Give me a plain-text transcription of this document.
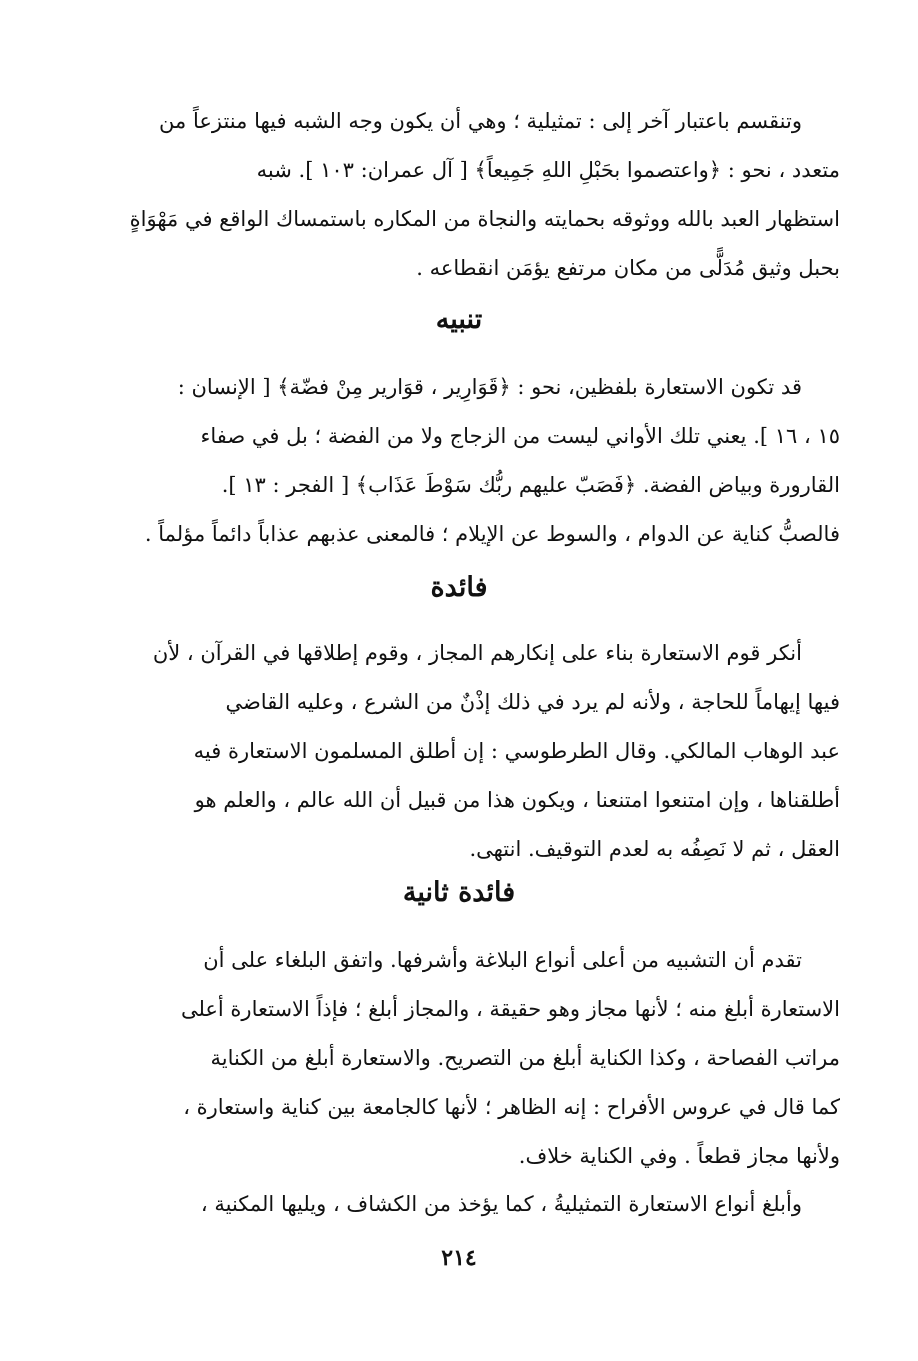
وتنقسم باعتبار آخر إلى : تمثيلية ؛ وهي أن يكون وجه الشبه فيها منتزعاً من

متعدد ، نحو : ﴿واعتصموا بحَبْلِ اللهِ جَمِيعاً﴾ [ آل عمران: ١٠٣ ]. شبه

استظهار العبد بالله ووثوقه بحمايته والنجاة من المكاره باستمساك الواقع في مَهْوَاةٍ

بحبل وثيق مُدَلًّى من مكان مرتفع يؤمَن انقطاعه .

تنبيه

قد تكون الاستعارة بلفظين، نحو : ﴿قَوَارِير ، قوَارير مِنْ فضّة﴾ [ الإنسان :

١٥ ، ١٦ ]. يعني تلك الأواني ليست من الزجاج ولا من الفضة ؛ بل في صفاء

القارورة وبياض الفضة. ﴿فَصَبّ عليهم ربُّك سَوْطَ عَذَاب﴾ [ الفجر : ١٣ ].

فالصبُّ كناية عن الدوام ، والسوط عن الإيلام ؛ فالمعنى عذبهم عذاباً دائماً مؤلماً .

فائدة

أنكر قوم الاستعارة بناء على إنكارهم المجاز ، وقوم إطلاقها في القرآن ، لأن

فيها إيهاماً للحاجة ، ولأنه لم يرد في ذلك إذْنٌ من الشرع ، وعليه القاضي

عبد الوهاب المالكي. وقال الطرطوسي : إن أطلق المسلمون الاستعارة فيه

أطلقناها ، وإن امتنعوا امتنعنا ، ويكون هذا من قبيل أن الله عالم ، والعلم هو

العقل ، ثم لا نَصِفُه به لعدم التوقيف. انتهى.

فائدة ثانية

تقدم أن التشبيه من أعلى أنواع البلاغة وأشرفها. واتفق البلغاء على أن

الاستعارة أبلغ منه ؛ لأنها مجاز وهو حقيقة ، والمجاز أبلغ ؛ فإذاً الاستعارة أعلى

مراتب الفصاحة ، وكذا الكناية أبلغ من التصريح. والاستعارة أبلغ من الكناية

كما قال في عروس الأفراح : إنه الظاهر ؛ لأنها كالجامعة بين كناية واستعارة ،

ولأنها مجاز قطعاً . وفي الكناية خلاف.

وأبلغ أنواع الاستعارة التمثيليةُ ، كما يؤخذ من الكشاف ، ويليها المكنية ،

٢١٤
